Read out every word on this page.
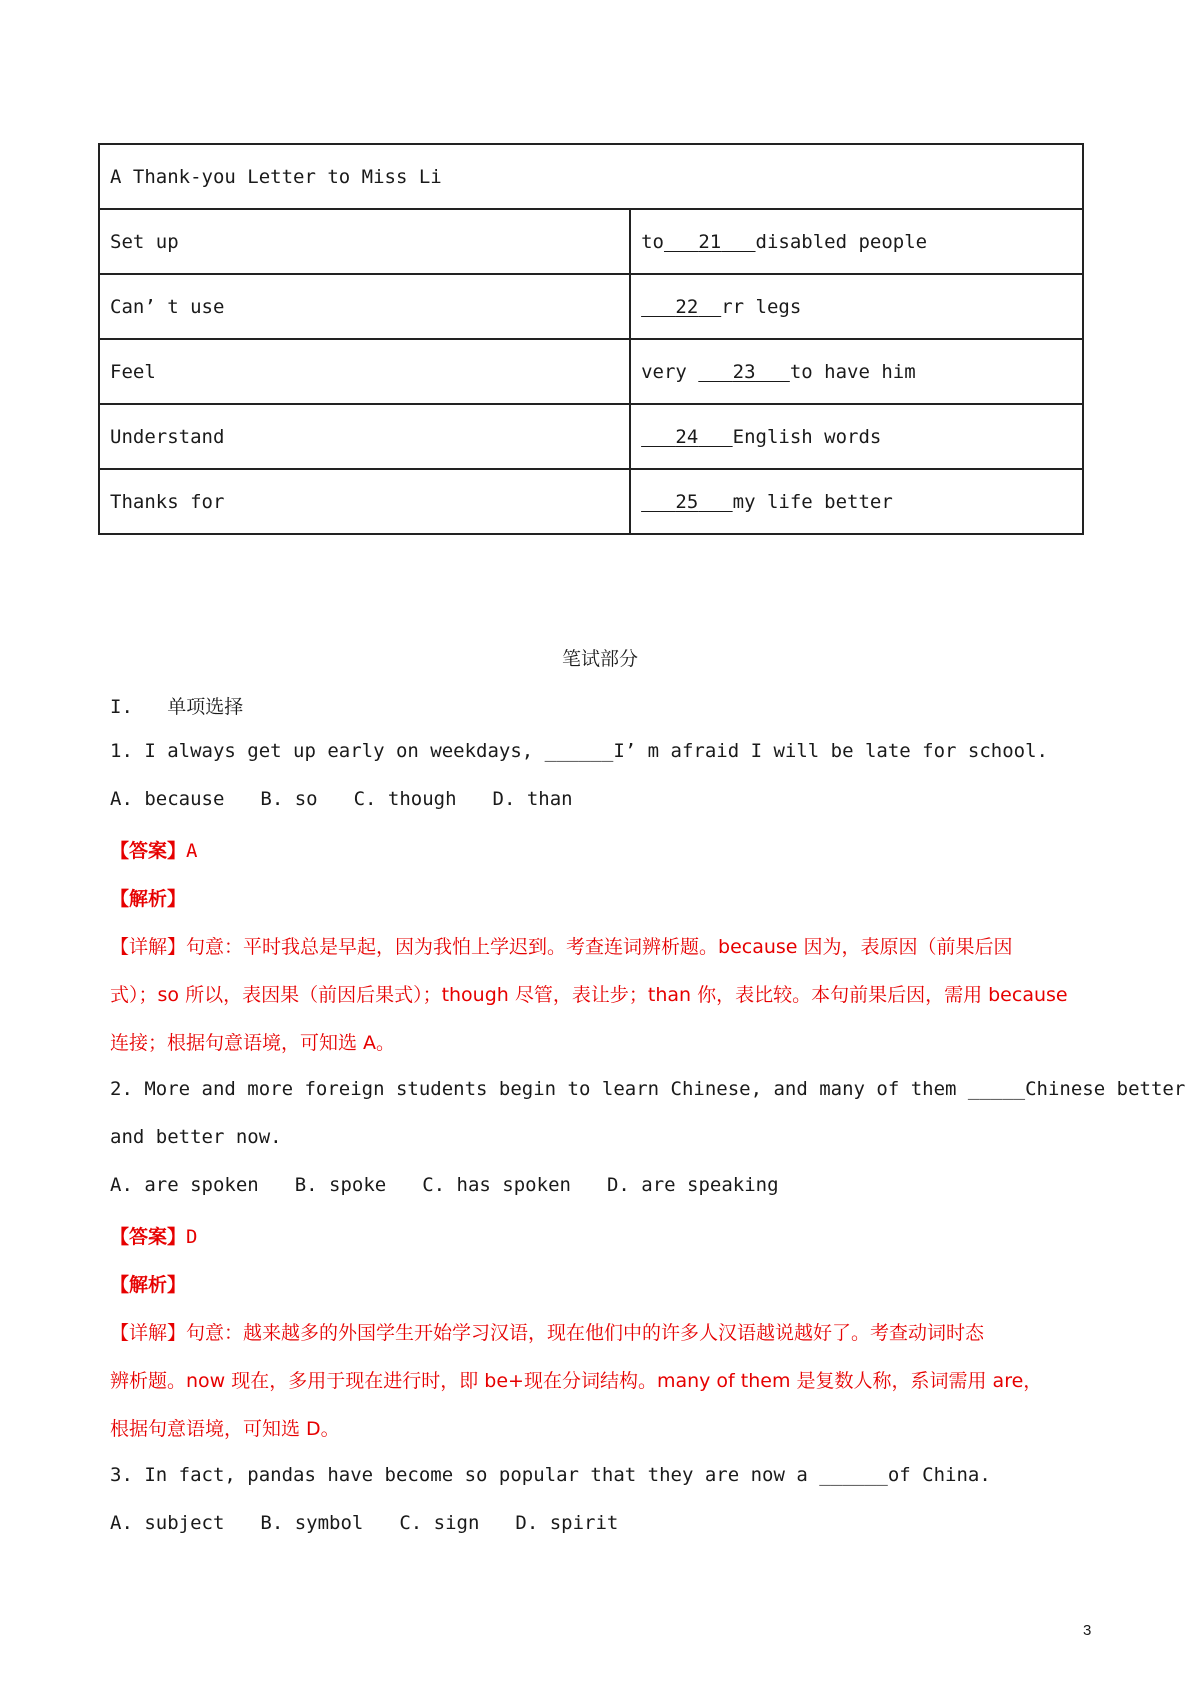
A Thank-you Letter to Miss Li	
Set up	to 21 disabled people
Can’ t use	22 rr legs
Feel	very    23 to have him
Understand	24 English words
Thanks for	25 my life better
笔试部分
I. 单项选择
1. I always get up early on weekdays, ______I’ m afraid I will be late for school.
A. because B. so C. though D. than
【答案】A
【解析】
【详解】句意：平时我总是早起，因为我怕上学迟到。考查连词辨析题。because 因为，表原因（前果后因
式）；so 所以，表因果（前因后果式）；though 尽管，表让步；than 你，表比较。本句前果后因，需用 because
连接；根据句意语境，可知选 A。
2. More and more foreign students begin to learn Chinese, and many of them _____Chinese better
and better now.
A. are spoken B. spoke C. has spoken D. are speaking
【答案】D
【解析】
【详解】句意：越来越多的外国学生开始学习汉语，现在他们中的许多人汉语越说越好了。考查动词时态
辨析题。now 现在，多用于现在进行时，即 be+现在分词结构。many of them 是复数人称，系词需用 are，
根据句意语境，可知选 D。
3. In fact, pandas have become so popular that they are now a ______of China.
A. subject B. symbol C. sign D. spirit
3
